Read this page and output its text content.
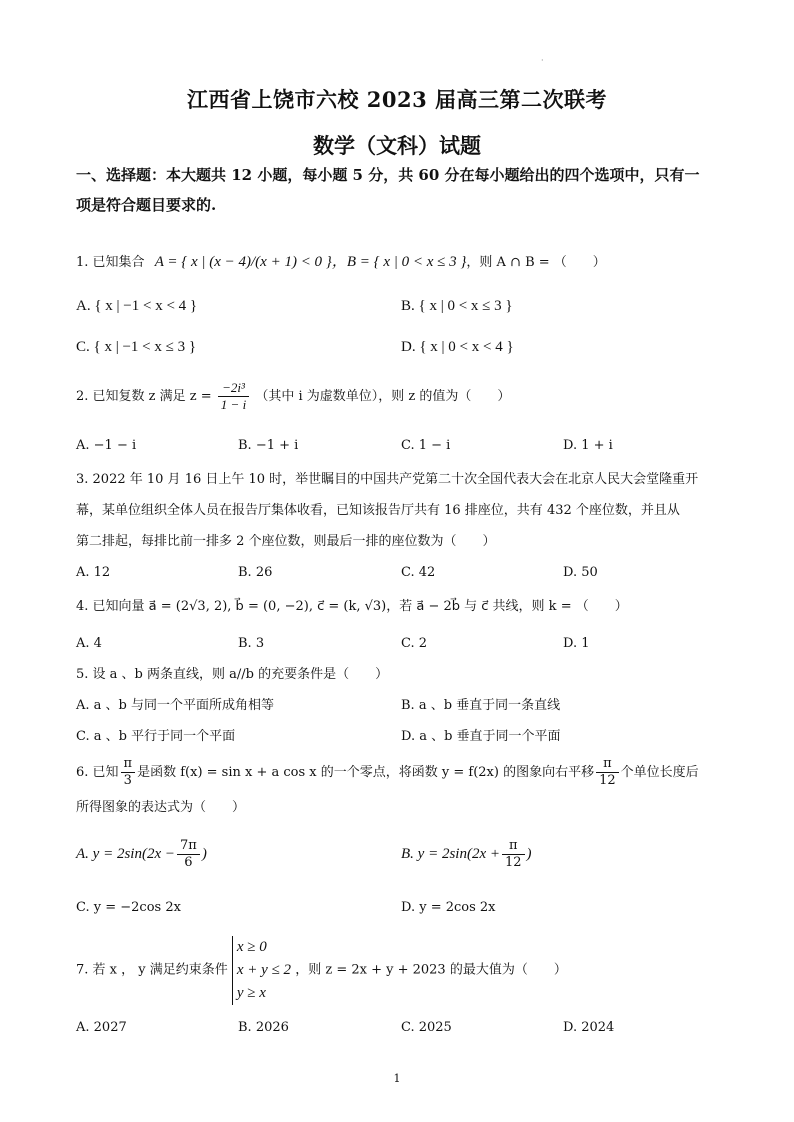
·
江西省上饶市六校 2023 届高三第二次联考
数学（文科）试题
一、选择题：本大题共 12 小题，每小题 5 分，共 60 分在每小题给出的四个选项中，只有一
项是符合题目要求的.
1. 已知集合 A = { x | (x − 4)/(x + 1) < 0 }，B = { x | 0 < x ≤ 3 }，则 A ∩ B = （　　）
A. { x | −1 < x < 4 }	B. { x | 0 < x ≤ 3 }
C. { x | −1 < x ≤ 3 }	D. { x | 0 < x < 4 }
2. 已知复数 z 满足 $z = \frac{\text{−2i³}}{1 - i}$ （其中 i 为虚数单位），则 z 的值为（　　）
A. −1 − i	B. −1 + i	C. 1 − i	D. 1 + i
3. 2022 年 10 月 16 日上午 10 时，举世瞩目的中国共产党第二十次全国代表大会在北京人民大会堂隆重开
幕，某单位组织全体人员在报告厅集体收看，已知该报告厅共有 16 排座位，共有 432 个座位数，并且从
第二排起，每排比前一排多 2 个座位数，则最后一排的座位数为（　　）
A. 12	B. 26	C. 42	D. 50
4. 已知向量 a⃗ = (2√3, 2), b⃗ = (0, −2), c⃗ = (k, √3)，若 a⃗ − 2b⃗ 与 c⃗ 共线，则 k = （　　）
A. 4	B. 3	C. 2	D. 1
5. 设 a 、b 两条直线，则 a//b 的充要条件是（　　）
A. a 、b 与同一个平面所成角相等	B. a 、b 垂直于同一条直线
C. a 、b 平行于同一个平面	D. a 、b 垂直于同一个平面
6. 已知 $\frac{\pi}{3}$ 是函数 f(x) = sin x + a cos x 的一个零点，将函数 y = f(2x) 的图象向右平移 $\frac{\pi}{12}$ 个单位长度后
所得图象的表达式为（　　）
A. $y = 2\sin(2x - \frac{7\pi}{6}$ )	B. $y = 2\sin(2x + \frac{\pi}{12}$ )
C. y = −2cos 2x	D. y = 2cos 2x
7. 若 x ， y 满足约束条件
x ≥ 0
x + y ≤ 2
y ≥ x
，则 z = 2x + y + 2023 的最大值为（　　）
A. 2027	B. 2026	C. 2025	D. 2024
1
